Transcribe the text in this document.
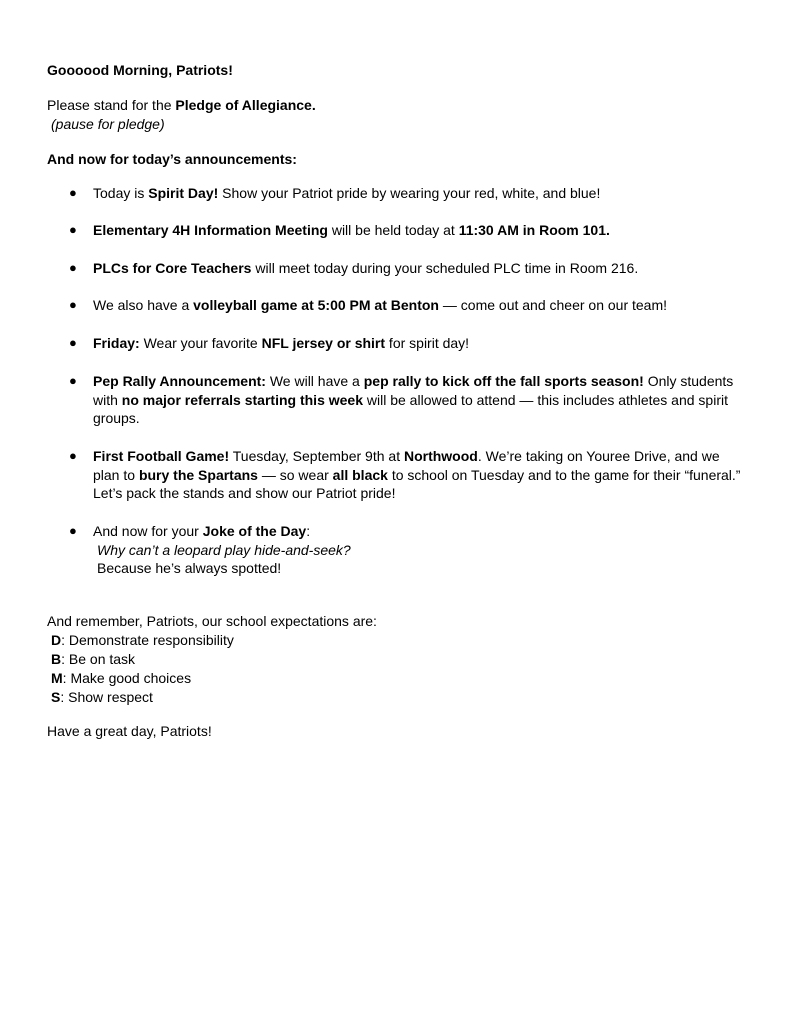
Goooood Morning, Patriots!
Please stand for the Pledge of Allegiance.
(pause for pledge)
And now for today’s announcements:
● Today is Spirit Day! Show your Patriot pride by wearing your red, white, and blue!
● Elementary 4H Information Meeting will be held today at 11:30 AM in Room 101.
● PLCs for Core Teachers will meet today during your scheduled PLC time in Room 216.
● We also have a volleyball game at 5:00 PM at Benton — come out and cheer on our team!
● Friday: Wear your favorite NFL jersey or shirt for spirit day!
● Pep Rally Announcement: We will have a pep rally to kick off the fall sports season! Only students with no major referrals starting this week will be allowed to attend — this includes athletes and spirit groups.
● First Football Game! Tuesday, September 9th at Northwood. We’re taking on Youree Drive, and we plan to bury the Spartans — so wear all black to school on Tuesday and to the game for their “funeral.” Let’s pack the stands and show our Patriot pride!
● And now for your Joke of the Day:
Why can’t a leopard play hide-and-seek?
Because he’s always spotted!
And remember, Patriots, our school expectations are:
D: Demonstrate responsibility
B: Be on task
M: Make good choices
S: Show respect
Have a great day, Patriots!
